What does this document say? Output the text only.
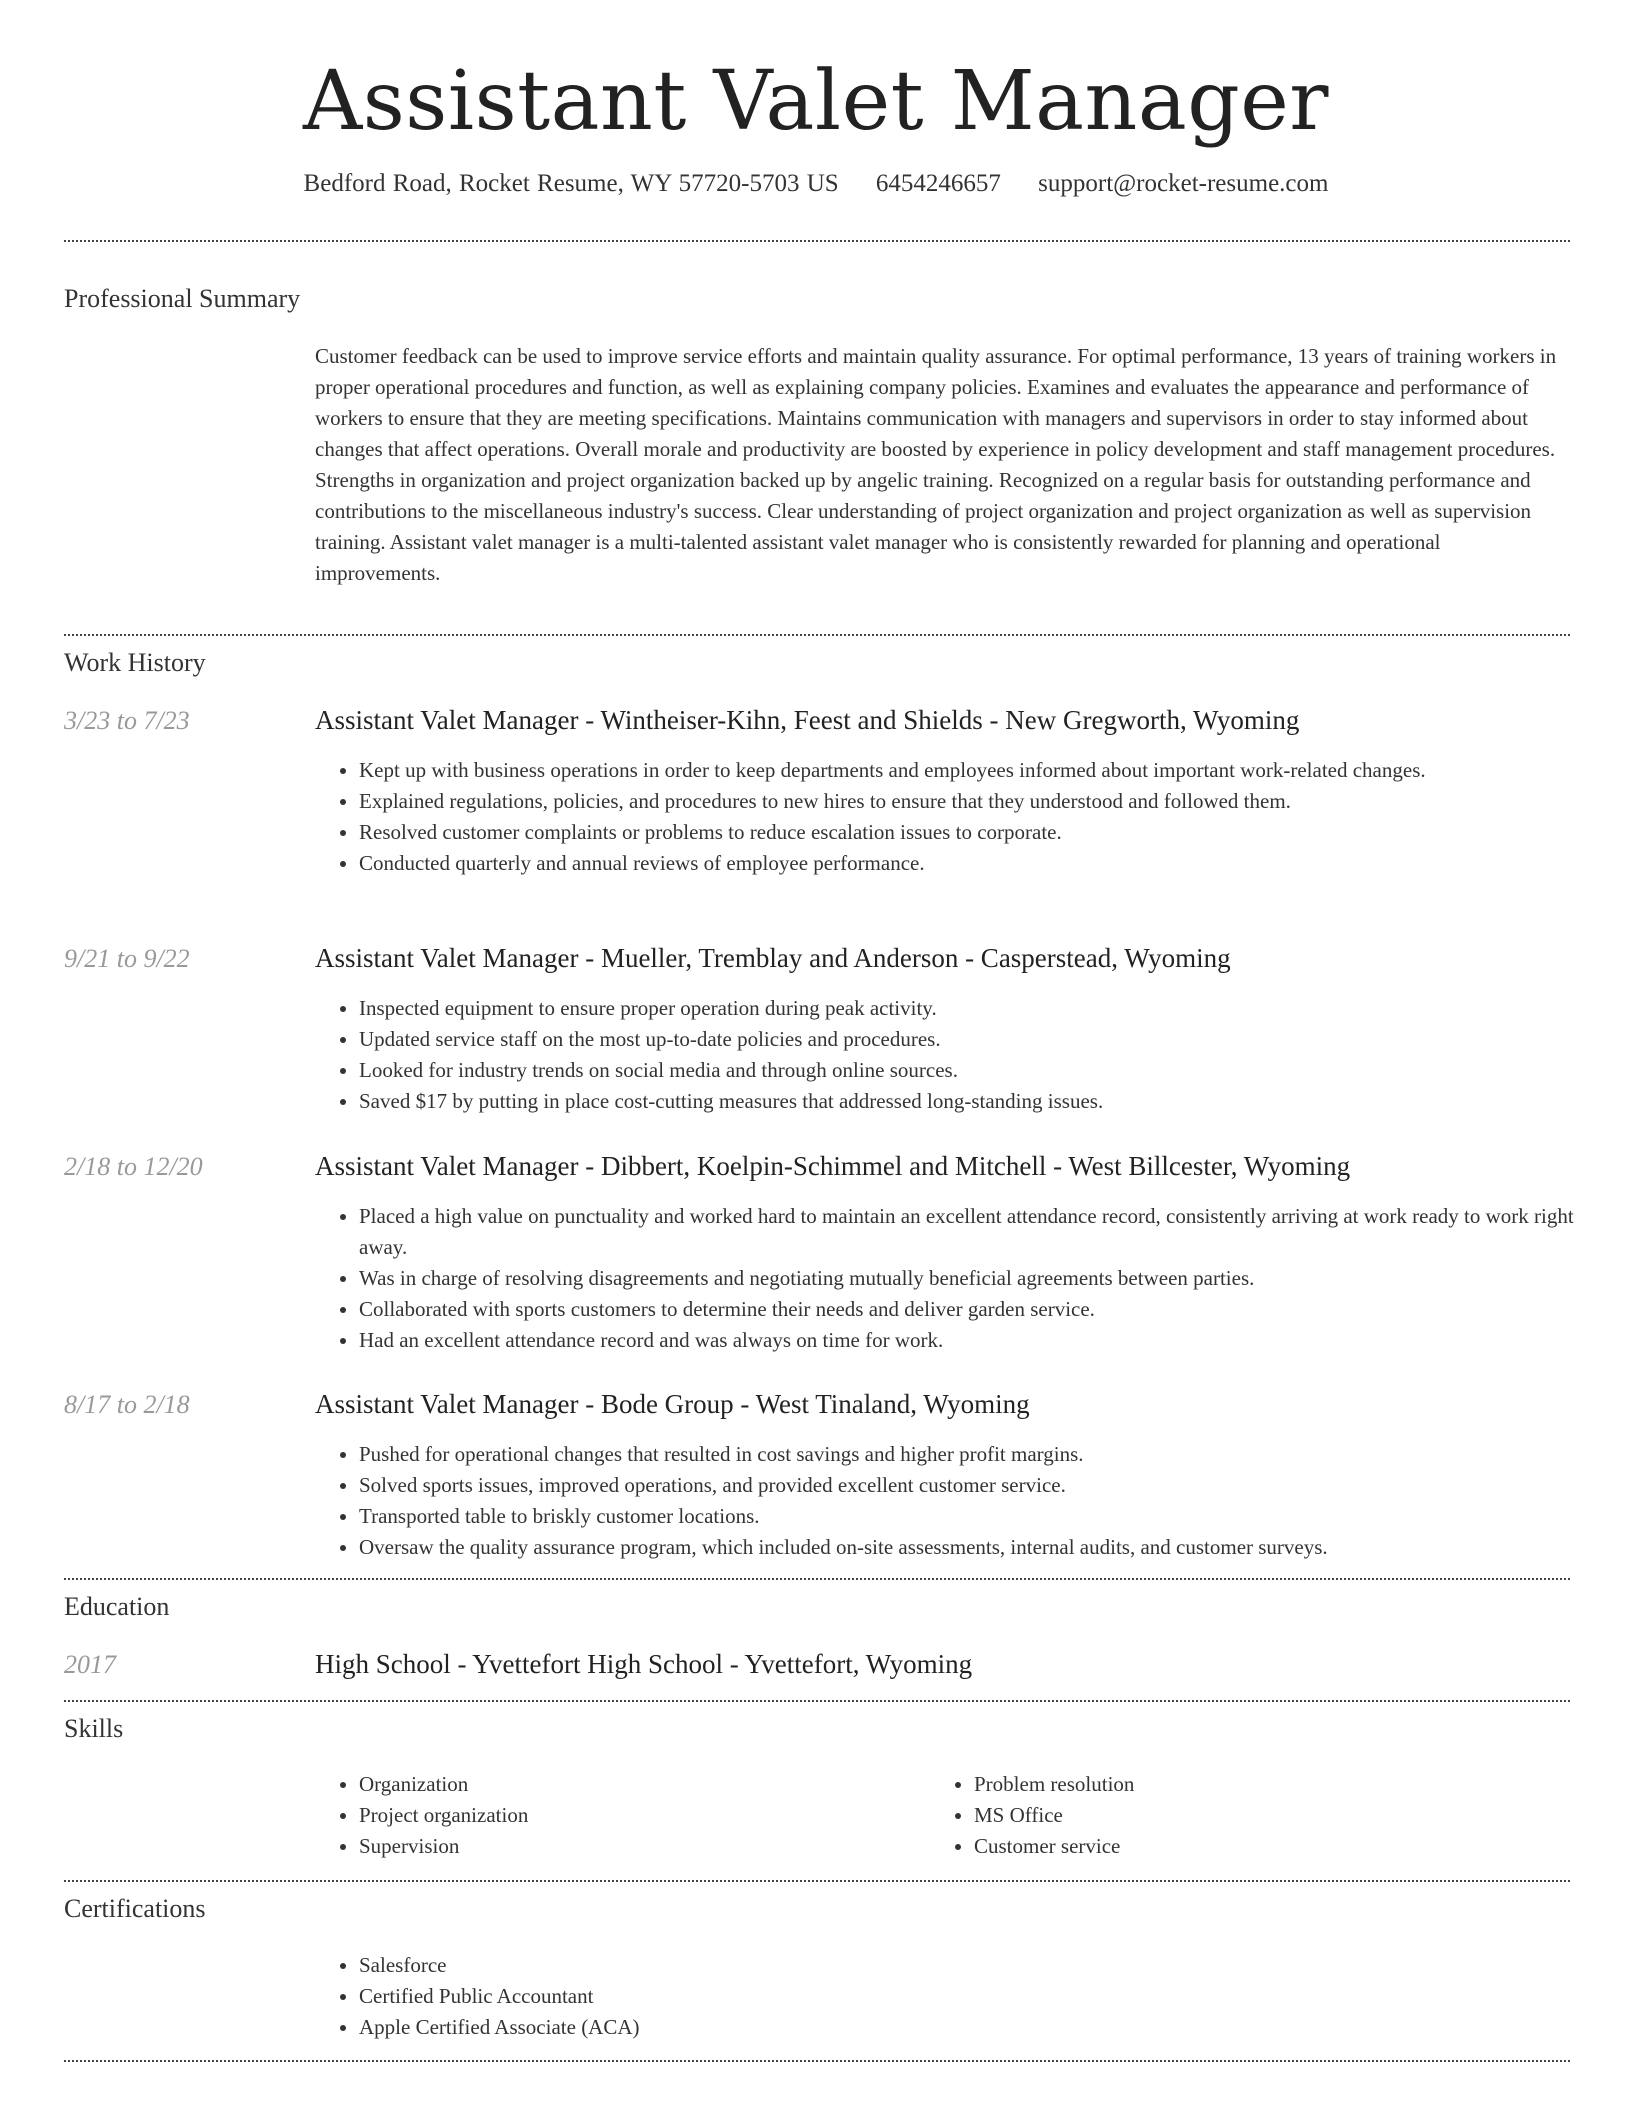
Assistant Valet Manager
Bedford Road, Rocket Resume, WY 57720-5703 US 6454246657 support@rocket-resume.com
Professional Summary
Customer feedback can be used to improve service efforts and maintain quality assurance. For optimal performance, 13 years of training workers in proper operational procedures and function, as well as explaining company policies. Examines and evaluates the appearance and performance of workers to ensure that they are meeting specifications. Maintains communication with managers and supervisors in order to stay informed about changes that affect operations. Overall morale and productivity are boosted by experience in policy development and staff management procedures. Strengths in organization and project organization backed up by angelic training. Recognized on a regular basis for outstanding performance and contributions to the miscellaneous industry's success. Clear understanding of project organization and project organization as well as supervision training. Assistant valet manager is a multi-talented assistant valet manager who is consistently rewarded for planning and operational improvements.
Work History
3/23 to 7/23	Assistant Valet Manager - Wintheiser-Kihn, Feest and Shields - New Gregworth, Wyoming
• Kept up with business operations in order to keep departments and employees informed about important work-related changes.
• Explained regulations, policies, and procedures to new hires to ensure that they understood and followed them.
• Resolved customer complaints or problems to reduce escalation issues to corporate.
• Conducted quarterly and annual reviews of employee performance.
9/21 to 9/22	Assistant Valet Manager - Mueller, Tremblay and Anderson - Casperstead, Wyoming
• Inspected equipment to ensure proper operation during peak activity.
• Updated service staff on the most up-to-date policies and procedures.
• Looked for industry trends on social media and through online sources.
• Saved $17 by putting in place cost-cutting measures that addressed long-standing issues.
2/18 to 12/20	Assistant Valet Manager - Dibbert, Koelpin-Schimmel and Mitchell - West Billcester, Wyoming
• Placed a high value on punctuality and worked hard to maintain an excellent attendance record, consistently arriving at work ready to work right away.
• Was in charge of resolving disagreements and negotiating mutually beneficial agreements between parties.
• Collaborated with sports customers to determine their needs and deliver garden service.
• Had an excellent attendance record and was always on time for work.
8/17 to 2/18	Assistant Valet Manager - Bode Group - West Tinaland, Wyoming
• Pushed for operational changes that resulted in cost savings and higher profit margins.
• Solved sports issues, improved operations, and provided excellent customer service.
• Transported table to briskly customer locations.
• Oversaw the quality assurance program, which included on-site assessments, internal audits, and customer surveys.
Education
2017	High School - Yvettefort High School - Yvettefort, Wyoming
Skills
• Organization
• Project organization
• Supervision
• Problem resolution
• MS Office
• Customer service
Certifications
• Salesforce
• Certified Public Accountant
• Apple Certified Associate (ACA)
